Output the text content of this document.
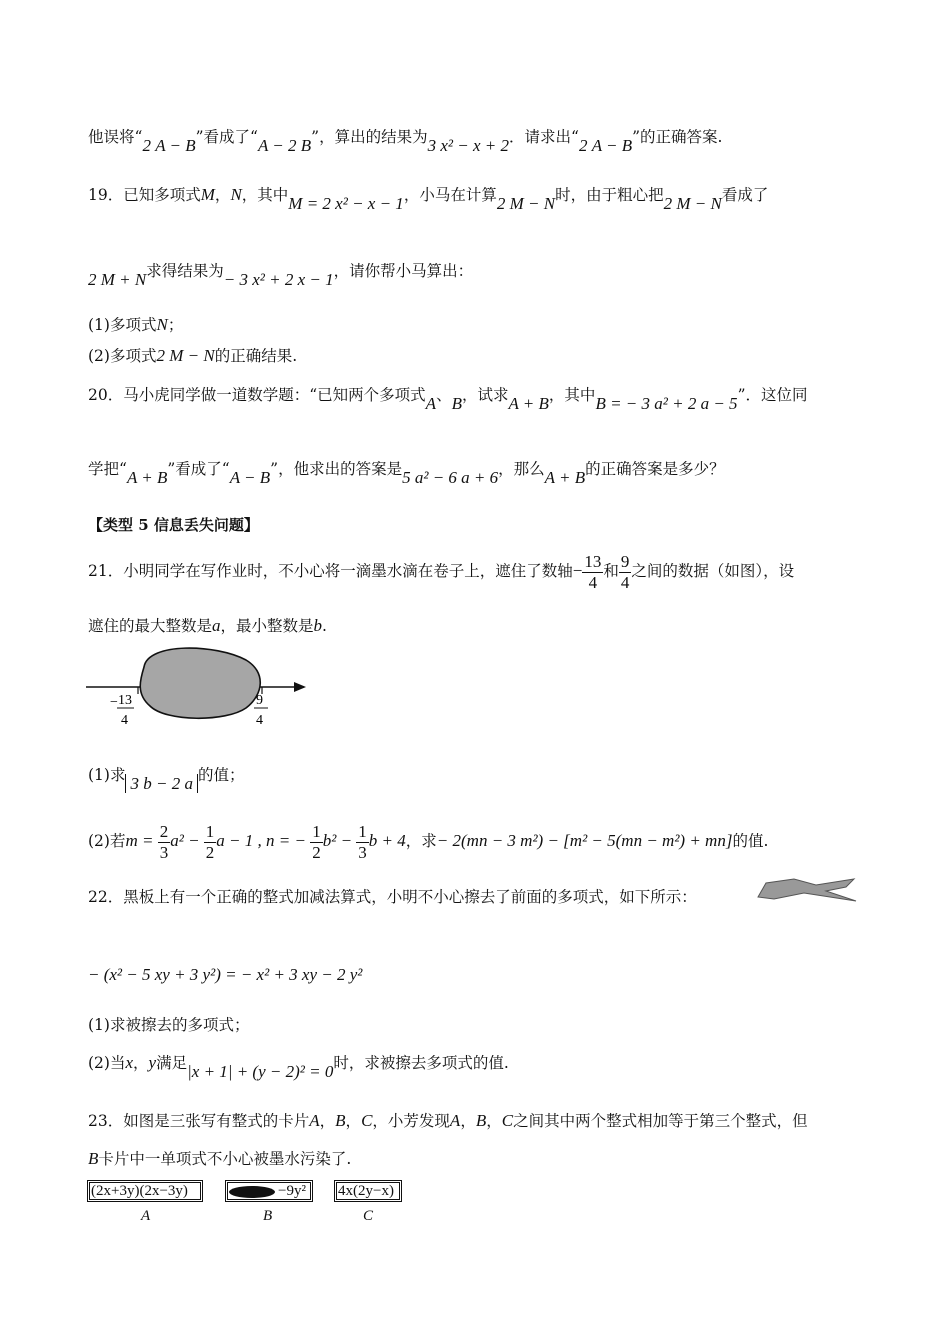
他误将“2 A − B”看成了“A − 2 B”，算出的结果为3 x² − x + 2．请求出“2 A − B”的正确答案.
19．已知多项式M，N，其中M = 2 x² − x − 1，小马在计算2 M − N时，由于粗心把2 M − N看成了
2 M + N求得结果为− 3 x² + 2 x − 1，请你帮小马算出：
(1)多项式N；
(2)多项式2 M − N的正确结果.
20．马小虎同学做一道数学题：“已知两个多项式A、B，试求A + B，其中B = − 3 a² + 2 a − 5”．这位同
学把“A + B”看成了“A − B”，他求出的答案是5 a² − 6 a + 6，那么A + B的正确答案是多少？
【类型 5 信息丢失问题】
21．小明同学在写作业时，不小心将一滴墨水滴在卷子上，遮住了数轴− $\frac{13}{4}$ 和 $\frac{9}{4}$ 之间的数据（如图），设
遮住的最大整数是a，最小整数是b.
− 13
4
9
4
(1)求 3 b − 2 a 的值；
(2)若$m = \frac{2}{3} a^2 - \frac{1}{2}$ a − 1 , n = − $\frac{1}{2} b^2 - \frac{1}{3}$ b + 4，求− 2(mn − 3 m²) − [m² − 5(mn − m²) + mn]的值.
22．黑板上有一个正确的整式加减法算式，小明不小心擦去了前面的多项式，如下所示：
− (x² − 5 xy + 3 y²) = − x² + 3 xy − 2 y²
(1)求被擦去的多项式；
(2)当x，y满足|x + 1| + (y − 2)² = 0时，求被擦去多项式的值.
23．如图是三张写有整式的卡片A，B，C，小芳发现A，B，C之间其中两个整式相加等于第三个整式，但
B卡片中一单项式不小心被墨水污染了.
(2x+3y)(2x−3y)	−9y²	4x(2y−x)
A	B	C
